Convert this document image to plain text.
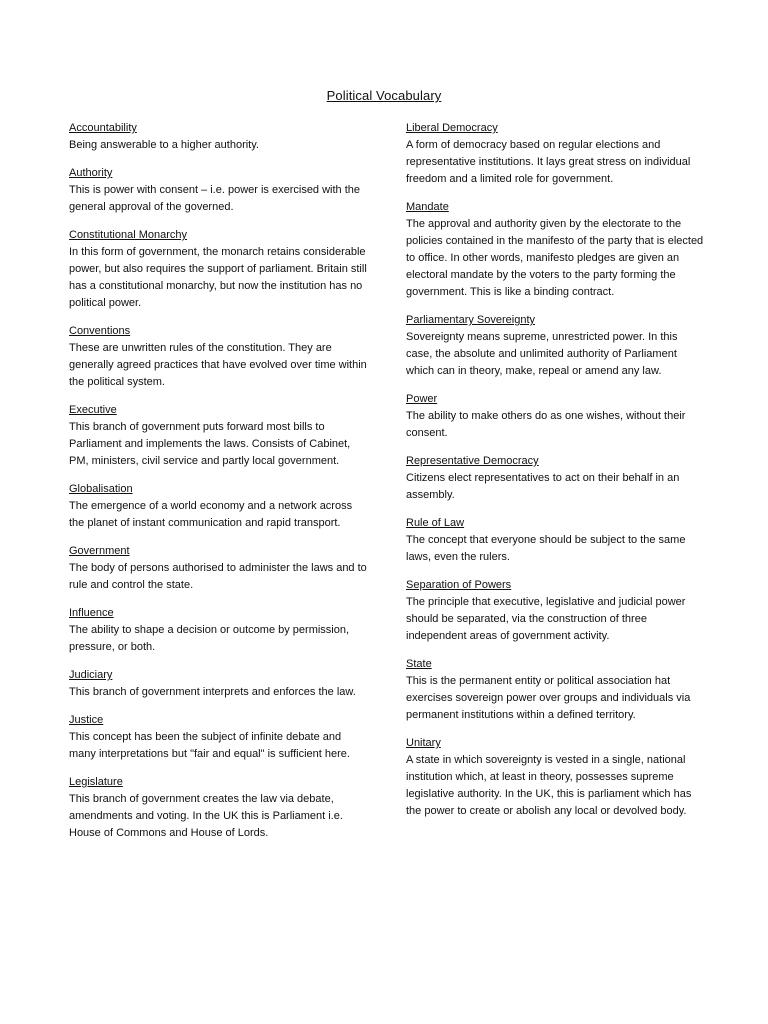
Political Vocabulary
Accountability
Being answerable to a higher authority.
Authority
This is power with consent – i.e. power is exercised with the general approval of the governed.
Constitutional Monarchy
In this form of government, the monarch retains considerable power, but also requires the support of parliament. Britain still has a constitutional monarchy, but now the institution has no political power.
Conventions
These are unwritten rules of the constitution. They are generally agreed practices that have evolved over time within the political system.
Executive
This branch of government puts forward most bills to Parliament and implements the laws. Consists of Cabinet, PM, ministers, civil service and partly local government.
Globalisation
The emergence of a world economy and a network across the planet of instant communication and rapid transport.
Government
The body of persons authorised to administer the laws and to rule and control the state.
Influence
The ability to shape a decision or outcome by permission, pressure, or both.
Judiciary
This branch of government interprets and enforces the law.
Justice
This concept has been the subject of infinite debate and many interpretations but "fair and equal" is sufficient here.
Legislature
This branch of government creates the law via debate, amendments and voting. In the UK this is Parliament i.e. House of Commons and House of Lords.
Liberal Democracy
A form of democracy based on regular elections and representative institutions. It lays great stress on individual freedom and a limited role for government.
Mandate
The approval and authority given by the electorate to the policies contained in the manifesto of the party that is elected to office. In other words, manifesto pledges are given an electoral mandate by the voters to the party forming the government. This is like a binding contract.
Parliamentary Sovereignty
Sovereignty means supreme, unrestricted power. In this case, the absolute and unlimited authority of Parliament which can in theory, make, repeal or amend any law.
Power
The ability to make others do as one wishes, without their consent.
Representative Democracy
Citizens elect representatives to act on their behalf in an assembly.
Rule of Law
The concept that everyone should be subject to the same laws, even the rulers.
Separation of Powers
The principle that executive, legislative and judicial power should be separated, via the construction of three independent areas of government activity.
State
This is the permanent entity or political association hat exercises sovereign power over groups and individuals via permanent institutions within a defined territory.
Unitary
A state in which sovereignty is vested in a single, national institution which, at least in theory, possesses supreme legislative authority. In the UK, this is parliament which has the power to create or abolish any local or devolved body.
